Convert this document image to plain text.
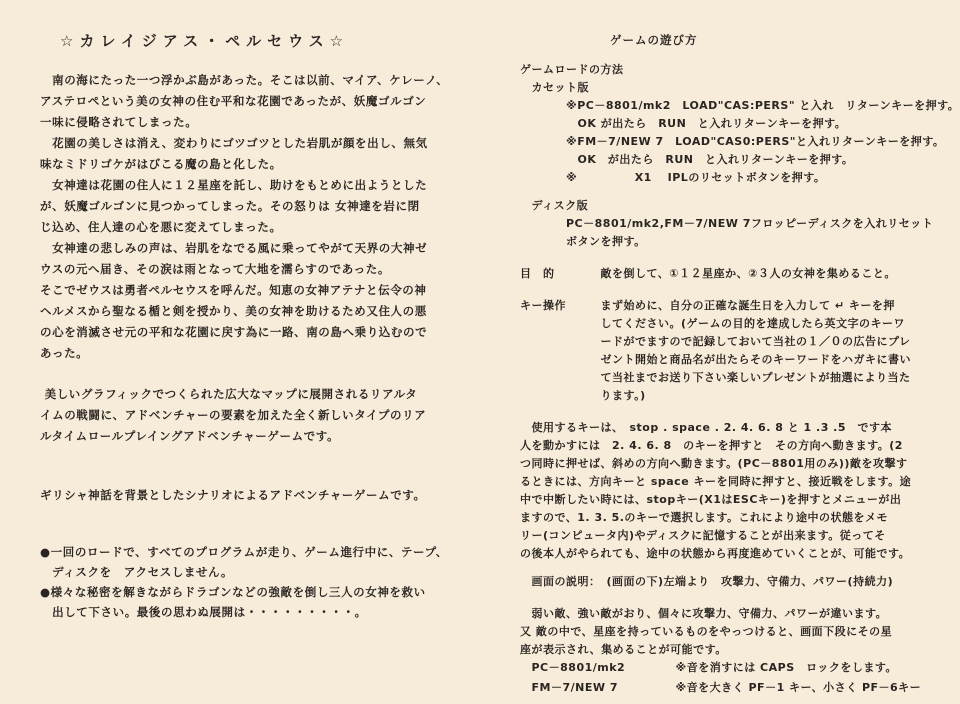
☆カレイジアス・ペルセウス☆
　南の海にたった一つ浮かぶ島があった。そこは以前、マイア、ケレーノ、
アステロペという美の女神の住む平和な花園であったが、妖魔ゴルゴン
一味に侵略されてしまった。
　花園の美しさは消え、変わりにゴツゴツとした岩肌が顔を出し、無気
味なミドリゴケがはびこる魔の島と化した。
　女神達は花園の住人に１２星座を託し、助けをもとめに出ようとした
が、妖魔ゴルゴンに見つかってしまった。その怒りは 女神達を岩に閉
じ込め、住人達の心を悪に変えてしまった。
　女神達の悲しみの声は、岩肌をなでる風に乗ってやがて天界の大神ゼ
ウスの元へ届き、その涙は雨となって大地を濡らすのであった。
そこでゼウスは勇者ペルセウスを呼んだ。知恵の女神アテナと伝令の神
ヘルメスから聖なる楯と剣を授かり、美の女神を助けるため又住人の悪
の心を消滅させ元の平和な花園に戻す為に一路、南の島へ乗り込むので
あった。
美しいグラフィックでつくられた広大なマップに展開されるリアルタ
イムの戦闘に、アドベンチャーの要素を加えた全く新しいタイプのリア
ルタイムロールプレイングアドベンチャーゲームです。
ギリシャ神話を背景としたシナリオによるアドベンチャーゲームです。
●一回のロードで、すべてのプログラムが走り、ゲーム進行中に、テープ、
　ディスクを　アクセスしません。
●様々な秘密を解きながらドラゴンなどの強敵を倒し三人の女神を救い
　出して下さい。最後の思わぬ展開は・・・・・・・・・。
ゲームの遊び方
ゲームロードの方法
　カセット版
　　　　※PC－8801/mk2　LOAD"CAS:PERS" と入れ　リターンキーを押す。
　　　　　OK が出たら　RUN　と入れリターンキーを押す。
　　　　※FM－7/NEW 7　LOAD"CAS0:PERS"と入れリターンキーを押す。
　　　　　OK　が出たら　RUN　と入れリターンキーを押す。
　　　　※　　　　　X1　 IPLのリセットボタンを押す。
　ディスク版
　　　　PC－8801/mk2,FM－7/NEW 7フロッピーディスクを入れリセット
　　　　ボタンを押す。
目　的　　　　敵を倒して、①１２星座か、②３人の女神を集めること。
キー操作　　　まず始めに、自分の正確な誕生日を入力して ↵ キーを押
　　　　　　　してください。(ゲームの目的を達成したら英文字のキーワ
　　　　　　　ードがでますので記録しておいて当社の１／０の広告にプレ
　　　　　　　ゼント開始と商品名が出たらそのキーワードをハガキに書い
　　　　　　　て当社までお送り下さい楽しいプレゼントが抽選により当た
　　　　　　　ります。)
　使用するキーは、　stop . space . 2. 4. 6. 8 と 1 .3 .5　です本
人を動かすには　2. 4. 6. 8　のキーを押すと　その方向へ動きます。(2
つ同時に押せば、斜めの方向へ動きます。(PC－8801用のみ))敵を攻撃す
るときには、方向キーと space キーを同時に押すと、接近戦をします。途
中で中断したい時には、stopキー(X1はESCキー)を押すとメニューが出
ますので、1. 3. 5.のキーで選択します。これにより途中の状態をメモ
リー(コンピュータ内)やディスクに記憶することが出来ます。従ってそ
の後本人がやられても、途中の状態から再度進めていくことが、可能です。
　画面の説明：　(画面の下)左端より　攻撃力、守備力、パワー(持続力)
　弱い敵、強い敵がおり、個々に攻撃力、守備力、パワーが違います。
又 敵の中で、星座を持っているものをやっつけると、画面下段にその星
座が表示され、集めることが可能です。
　PC－8801/mk2　　　　 ※音を消すには CAPS　ロックをします。
　FM－7/NEW 7　　　　　※音を大きく PF－1 キー、小さく PF－6キー
